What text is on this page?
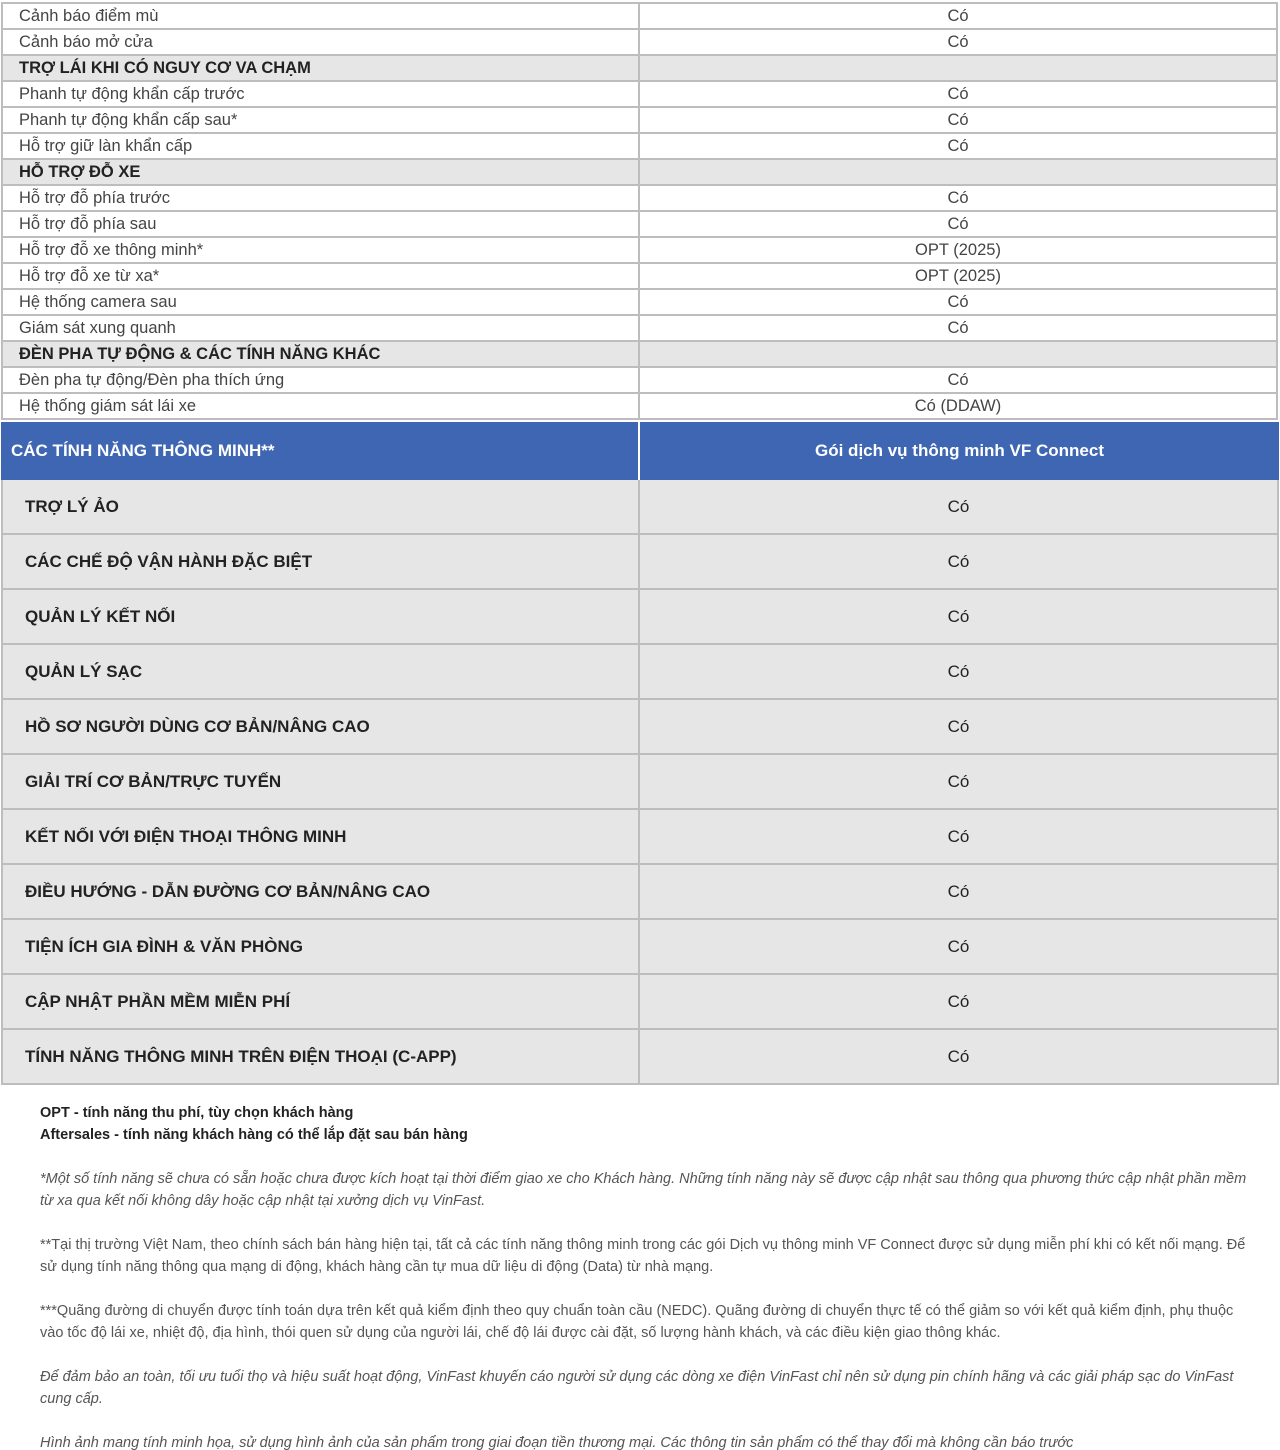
Cảnh báo điểm mù	Có
Cảnh báo mở cửa	Có
TRỢ LÁI KHI CÓ NGUY CƠ VA CHẠM
Phanh tự động khẩn cấp trước	Có
Phanh tự động khẩn cấp sau*	Có
Hỗ trợ giữ làn khẩn cấp	Có
HỖ TRỢ ĐỖ XE
Hỗ trợ đỗ phía trước	Có
Hỗ trợ đỗ phía sau	Có
Hỗ trợ đỗ xe thông minh*	OPT (2025)
Hỗ trợ đỗ xe từ xa*	OPT (2025)
Hệ thống camera sau	Có
Giám sát xung quanh	Có
ĐÈN PHA TỰ ĐỘNG & CÁC TÍNH NĂNG KHÁC
Đèn pha tự động/Đèn pha thích ứng	Có
Hệ thống giám sát lái xe	Có (DDAW)
CÁC TÍNH NĂNG THÔNG MINH**	Gói dịch vụ thông minh VF Connect
TRỢ LÝ ẢO	Có
CÁC CHẾ ĐỘ VẬN HÀNH ĐẶC BIỆT	Có
QUẢN LÝ KẾT NỐI	Có
QUẢN LÝ SẠC	Có
HỒ SƠ NGƯỜI DÙNG CƠ BẢN/NÂNG CAO	Có
GIẢI TRÍ CƠ BẢN/TRỰC TUYẾN	Có
KẾT NỐI VỚI ĐIỆN THOẠI THÔNG MINH	Có
ĐIỀU HƯỚNG - DẪN ĐƯỜNG CƠ BẢN/NÂNG CAO	Có
TIỆN ÍCH GIA ĐÌNH & VĂN PHÒNG	Có
CẬP NHẬT PHẦN MỀM MIỄN PHÍ	Có
TÍNH NĂNG THÔNG MINH TRÊN ĐIỆN THOẠI (C-APP)	Có
OPT - tính năng thu phí, tùy chọn khách hàng
Aftersales - tính năng khách hàng có thể lắp đặt sau bán hàng

*Một số tính năng sẽ chưa có sẵn hoặc chưa được kích hoạt tại thời điểm giao xe cho Khách hàng. Những tính năng này sẽ được cập nhật sau thông qua phương thức cập nhật phần mềm từ xa qua kết nối không dây hoặc cập nhật tại xưởng dịch vụ VinFast.

**Tại thị trường Việt Nam, theo chính sách bán hàng hiện tại, tất cả các tính năng thông minh trong các gói Dịch vụ thông minh VF Connect được sử dụng miễn phí khi có kết nối mạng. Để sử dụng tính năng thông qua mạng di động, khách hàng cần tự mua dữ liệu di động (Data) từ nhà mạng.

***Quãng đường di chuyển được tính toán dựa trên kết quả kiểm định theo quy chuẩn toàn cầu (NEDC). Quãng đường di chuyển thực tế có thể giảm so với kết quả kiểm định, phụ thuộc vào tốc độ lái xe, nhiệt độ, địa hình, thói quen sử dụng của người lái, chế độ lái được cài đặt, số lượng hành khách, và các điều kiện giao thông khác.

Để đảm bảo an toàn, tối ưu tuổi thọ và hiệu suất hoạt động, VinFast khuyến cáo người sử dụng các dòng xe điện VinFast chỉ nên sử dụng pin chính hãng và các giải pháp sạc do VinFast cung cấp.

Hình ảnh mang tính minh họa, sử dụng hình ảnh của sản phẩm trong giai đoạn tiền thương mại. Các thông tin sản phẩm có thể thay đổi mà không cần báo trước
